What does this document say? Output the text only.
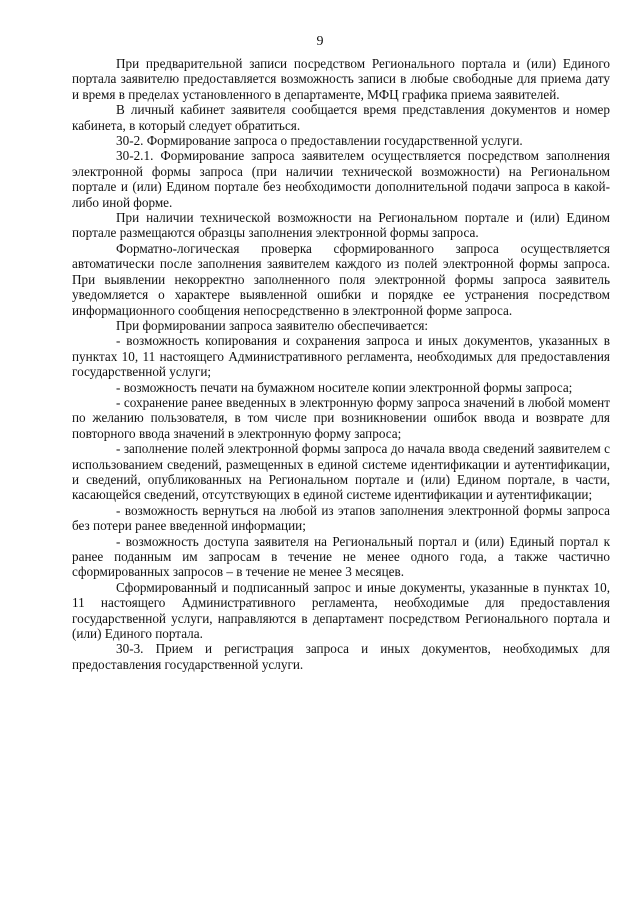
9

При предварительной записи посредством Регионального портала и (или) Единого портала заявителю предоставляется возможность записи в любые свободные для приема дату и время в пределах установленного в департаменте, МФЦ графика приема заявителей.

В личный кабинет заявителя сообщается время представления документов и номер кабинета, в который следует обратиться.

30-2. Формирование запроса о предоставлении государственной услуги.

30-2.1. Формирование запроса заявителем осуществляется посредством заполнения электронной формы запроса (при наличии технической возможности) на Региональном портале и (или) Едином портале без необходимости дополнительной подачи запроса в какой-либо иной форме.

При наличии технической возможности на Региональном портале и (или) Едином портале размещаются образцы заполнения электронной формы запроса.

Форматно-логическая проверка сформированного запроса осуществляется автоматически после заполнения заявителем каждого из полей электронной формы запроса. При выявлении некорректно заполненного поля электронной формы запроса заявитель уведомляется о характере выявленной ошибки и порядке ее устранения посредством информационного сообщения непосредственно в электронной форме запроса.

При формировании запроса заявителю обеспечивается:

- возможность копирования и сохранения запроса и иных документов, указанных в пунктах 10, 11 настоящего Административного регламента, необходимых для предоставления государственной услуги;

- возможность печати на бумажном носителе копии электронной формы запроса;

- сохранение ранее введенных в электронную форму запроса значений в любой момент по желанию пользователя, в том числе при возникновении ошибок ввода и возврате для повторного ввода значений в электронную форму запроса;

- заполнение полей электронной формы запроса до начала ввода сведений заявителем с использованием сведений, размещенных в единой системе идентификации и аутентификации, и сведений, опубликованных на Региональном портале и (или) Едином портале, в части, касающейся сведений, отсутствующих в единой системе идентификации и аутентификации;

- возможность вернуться на любой из этапов заполнения электронной формы запроса без потери ранее введенной информации;

- возможность доступа заявителя на Региональный портал и (или) Единый портал к ранее поданным им запросам в течение не менее одного года, а также частично сформированных запросов – в течение не менее 3 месяцев.

Сформированный и подписанный запрос и иные документы, указанные в пунктах 10, 11 настоящего Административного регламента, необходимые для предоставления государственной услуги, направляются в департамент посредством Регионального портала и (или) Единого портала.

30-3. Прием и регистрация запроса и иных документов, необходимых для предоставления государственной услуги.
